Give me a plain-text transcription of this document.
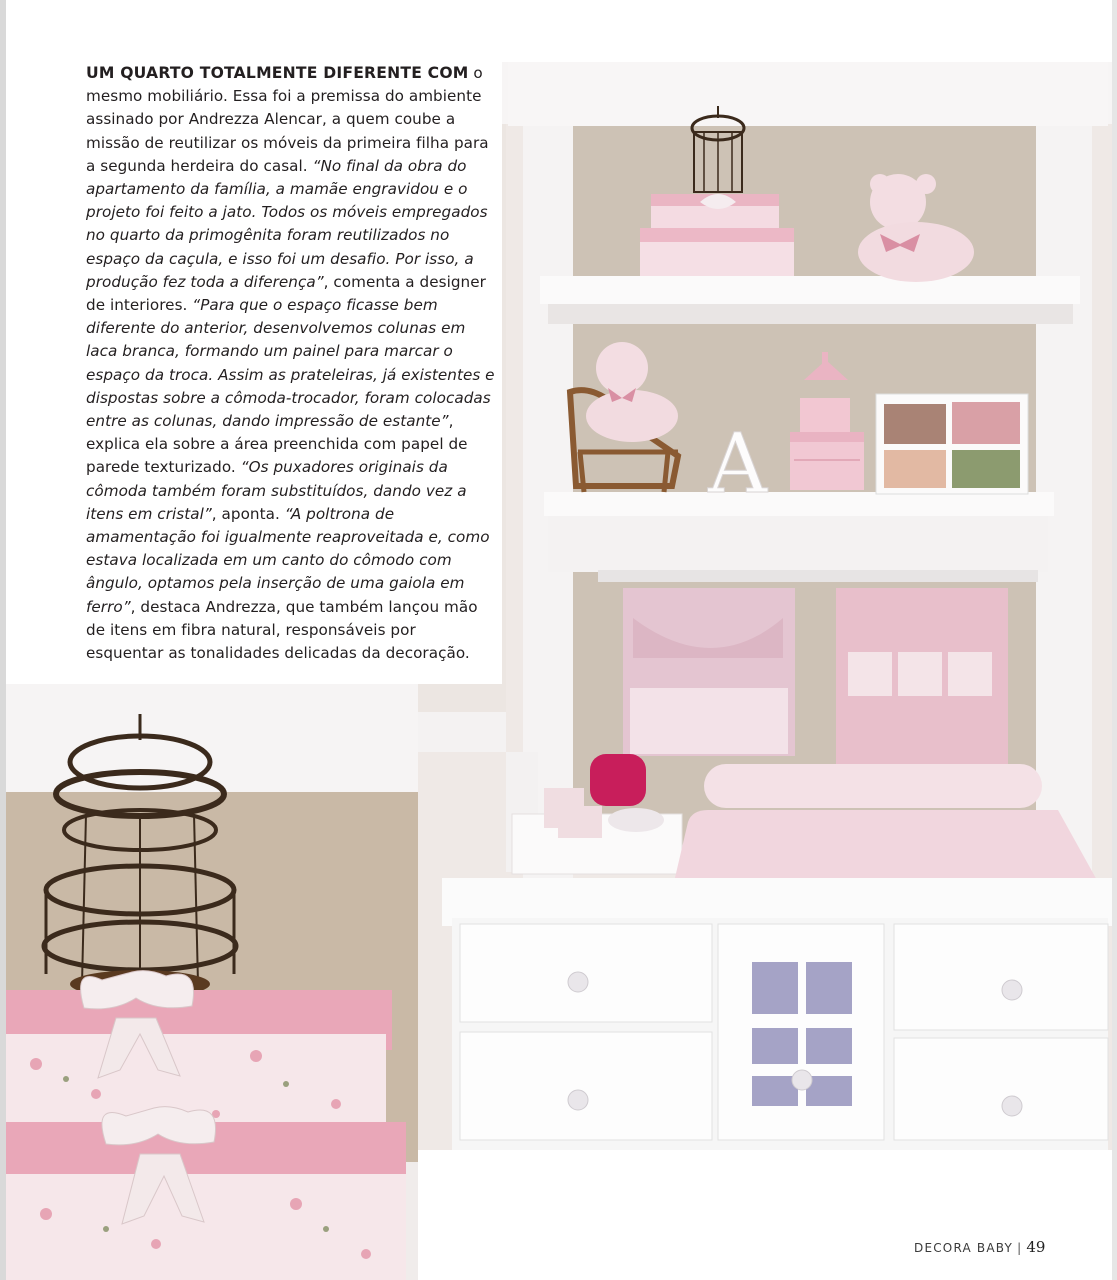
A
UM QUARTO TOTALMENTE DIFERENTE COM o mesmo mobiliário. Essa foi a premissa do ambiente assinado por Andrezza Alencar, a quem coube a missão de reutilizar os móveis da primeira filha para a segunda herdeira do casal. “No final da obra do apartamento da família, a mamãe engravidou e o projeto foi feito a jato. Todos os móveis empregados no quarto da primogênita foram reutilizados no espaço da caçula, e isso foi um desafio. Por isso, a produção fez toda a diferença”, comenta a designer de interiores. “Para que o espaço ficasse bem diferente do anterior, desenvolvemos colunas em laca branca, formando um painel para marcar o espaço da troca. Assim as prateleiras, já existentes e dispostas sobre a cômoda-trocador, foram colocadas entre as colunas, dando impressão de estante”, explica ela sobre a área preenchida com papel de parede texturizado. “Os puxadores originais da cômoda também foram substituídos, dando vez a itens em cristal”, aponta. “A poltrona de amamentação foi igualmente reaproveitada e, como estava localizada em um canto do cômodo com ângulo, optamos pela inserção de uma gaiola em ferro”, destaca Andrezza, que também lançou mão de itens em fibra natural, responsáveis por esquentar as tonalidades delicadas da decoração.
DECORA BABY | 49
